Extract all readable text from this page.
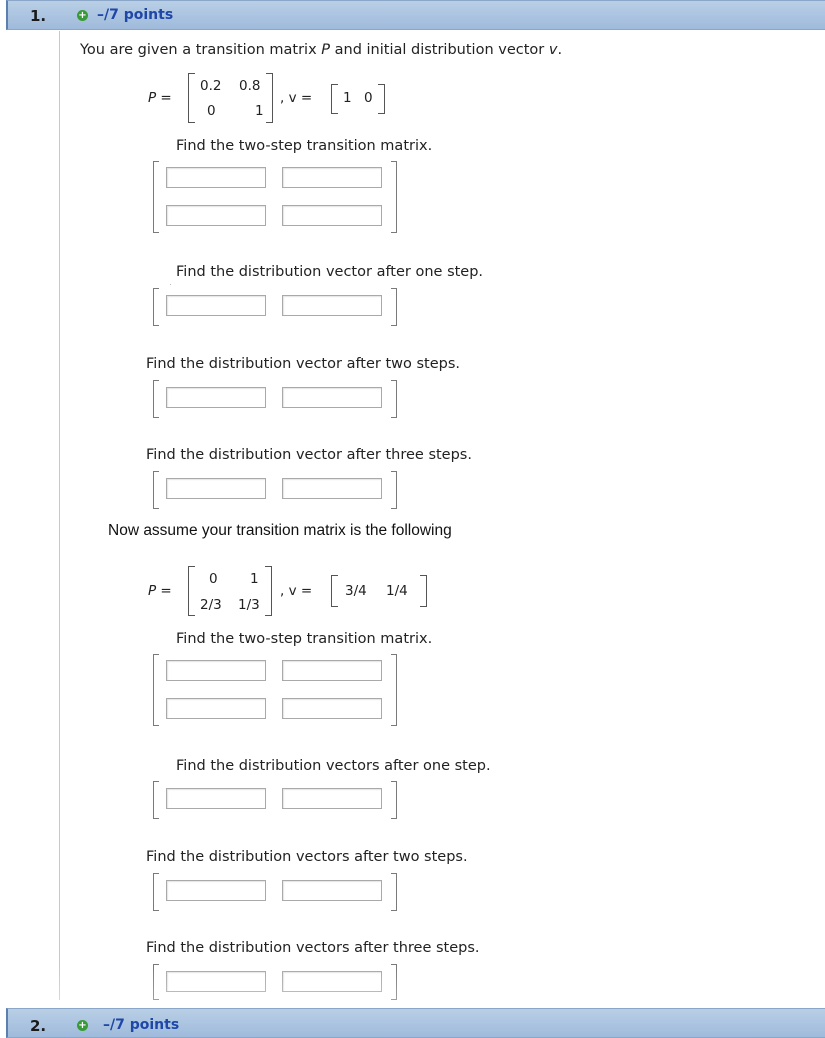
1.	+ –/7 points
You are given a transition matrix P and initial distribution vector v.
P =
0.2 0.8
0	1
, v = 1 0
Find the two-step transition matrix.
Find the distribution vector after one step.
Find the distribution vector after two steps.
Find the distribution vector after three steps.
Now assume your transition matrix is the following
P =
0 1
2/3 1/3
, v = 3/4 1/4
Find the two-step transition matrix.
Find the distribution vectors after one step.
Find the distribution vectors after two steps.
Find the distribution vectors after three steps.
2.	+ –/7 points
